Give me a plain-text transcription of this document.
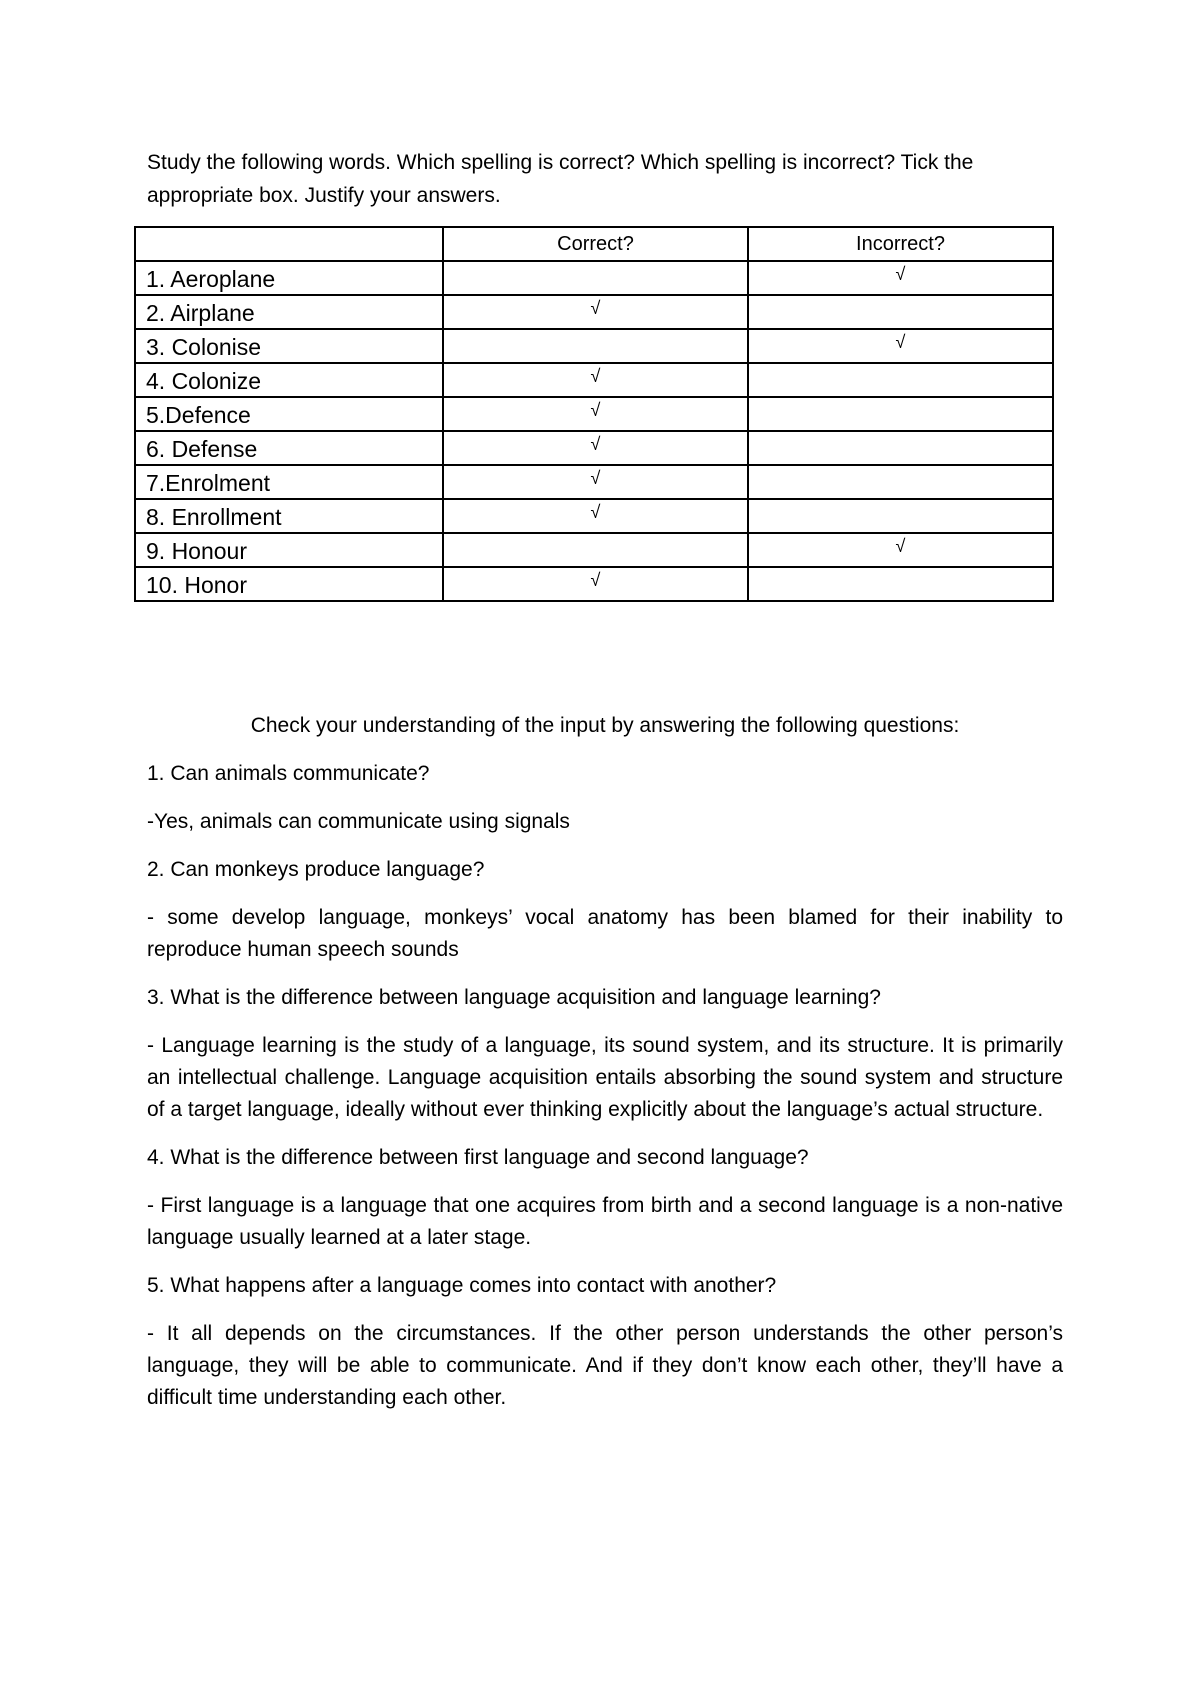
Study the following words. Which spelling is correct? Which spelling is incorrect? Tick the appropriate box. Justify your answers.

	Correct?	Incorrect?
1. Aeroplane		√
2. Airplane	√	
3. Colonise		√
4. Colonize	√	
5.Defence	√	
6. Defense	√	
7.Enrolment	√	
8. Enrollment	√	
9. Honour		√
10. Honor	√	

Check your understanding of the input by answering the following questions:

1. Can animals communicate?

-Yes, animals can communicate using signals

2. Can monkeys produce language?

- some develop language, monkeys’ vocal anatomy has been blamed for their inability to reproduce human speech sounds

3. What is the difference between language acquisition and language learning?

- Language learning is the study of a language, its sound system, and its structure. It is primarily an intellectual challenge. Language acquisition entails absorbing the sound system and structure of a target language, ideally without ever thinking explicitly about the language’s actual structure.

4. What is the difference between first language and second language?

- First language is a language that one acquires from birth and a second language is a non-native language usually learned at a later stage.

5. What happens after a language comes into contact with another?

- It all depends on the circumstances. If the other person understands the other person’s language, they will be able to communicate. And if they don’t know each other, they’ll have a difficult time understanding each other.
